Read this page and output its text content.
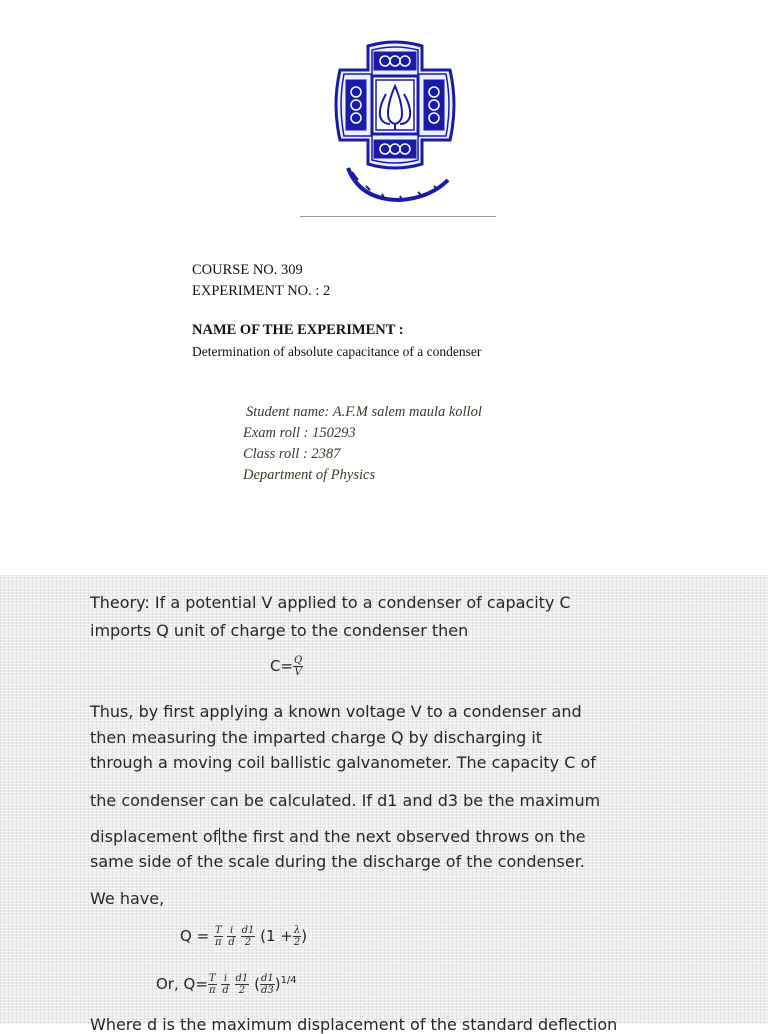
COURSE NO. 309
EXPERIMENT NO. : 2
NAME OF THE EXPERIMENT :
Determination of absolute capacitance of a condenser
Student name: A.F.M salem maula kollol
Exam roll : 150293
Class roll : 2387
Department of Physics
Theory: If a potential V applied to a condenser of capacity C
imports Q unit of charge to the condenser then
$C= \frac{Q}{V}$
Thus, by first applying a known voltage V to a condenser and
then measuring the imparted charge Q by discharging it
through a moving coil ballistic galvanometer. The capacity C of
the condenser can be calculated. If d1 and d3 be the maximum
displacement of the first and the next observed throws on the
same side of the scale during the discharge of the condenser.
We have,
$Q = \frac{T}{\pi}$
$\frac{i}{d}$
$\frac{d1}{2} (1 + \frac{\lambda}{2}$ )
Or, $Q= \frac{T}{\pi}$
$\frac{i}{d}$
$\frac{d1}{2}$ ( $\frac{d1}{d3} )^{1/4}$
Where d is the maximum displacement of the standard deflection
